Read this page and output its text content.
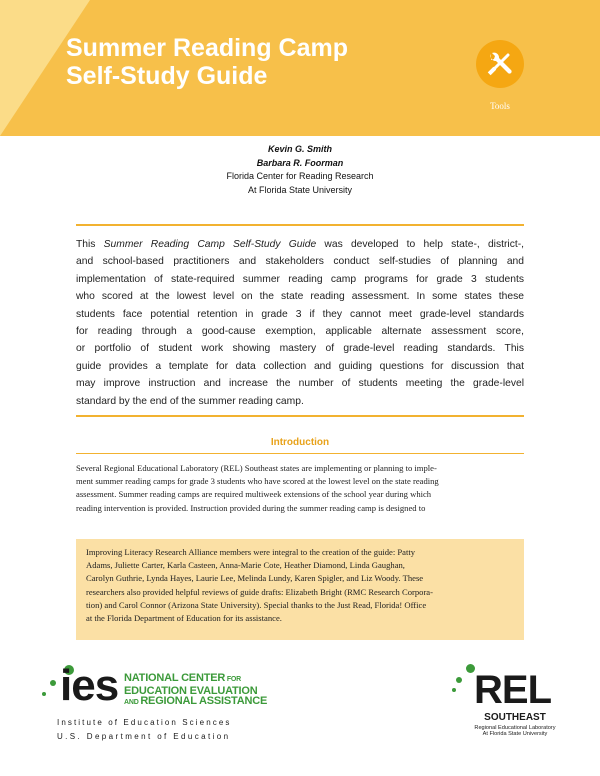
Summer Reading Camp
Self-Study Guide
Tools
Kevin G. Smith
Barbara R. Foorman
Florida Center for Reading Research
At Florida State University
This Summer Reading Camp Self-Study Guide was developed to help state-, district-,
and school-based practitioners and stakeholders conduct self-studies of planning and
implementation of state-required summer reading camp programs for grade 3 students
who scored at the lowest level on the state reading assessment. In some states these
students face potential retention in grade 3 if they cannot meet grade-level standards
for reading through a good-cause exemption, applicable alternate assessment score,
or portfolio of student work showing mastery of grade-level reading standards. This
guide provides a template for data collection and guiding questions for discussion that
may improve instruction and increase the number of students meeting the grade-level
standard by the end of the summer reading camp.
Introduction
Several Regional Educational Laboratory (REL) Southeast states are implementing or planning to imple-
ment summer reading camps for grade 3 students who have scored at the lowest level on the state reading
assessment. Summer reading camps are required multiweek extensions of the school year during which
reading intervention is provided. Instruction provided during the summer reading camp is designed to
Improving Literacy Research Alliance members were integral to the creation of the guide: Patty
Adams, Juliette Carter, Karla Casteen, Anna-Marie Cote, Heather Diamond, Linda Gaughan,
Carolyn Guthrie, Lynda Hayes, Laurie Lee, Melinda Lundy, Karen Spigler, and Liz Woody. These
researchers also provided helpful reviews of guide drafts: Elizabeth Bright (RMC Research Corpora-
tion) and Carol Connor (Arizona State University). Special thanks to the Just Read, Florida! Office
at the Florida Department of Education for its assistance.
ies NATIONAL CENTER FOR
EDUCATION EVALUATION
AND REGIONAL ASSISTANCE
Institute of Education Sciences
U.S. Department of Education
REL
SOUTHEAST
Regional Educational Laboratory
At Florida State University
